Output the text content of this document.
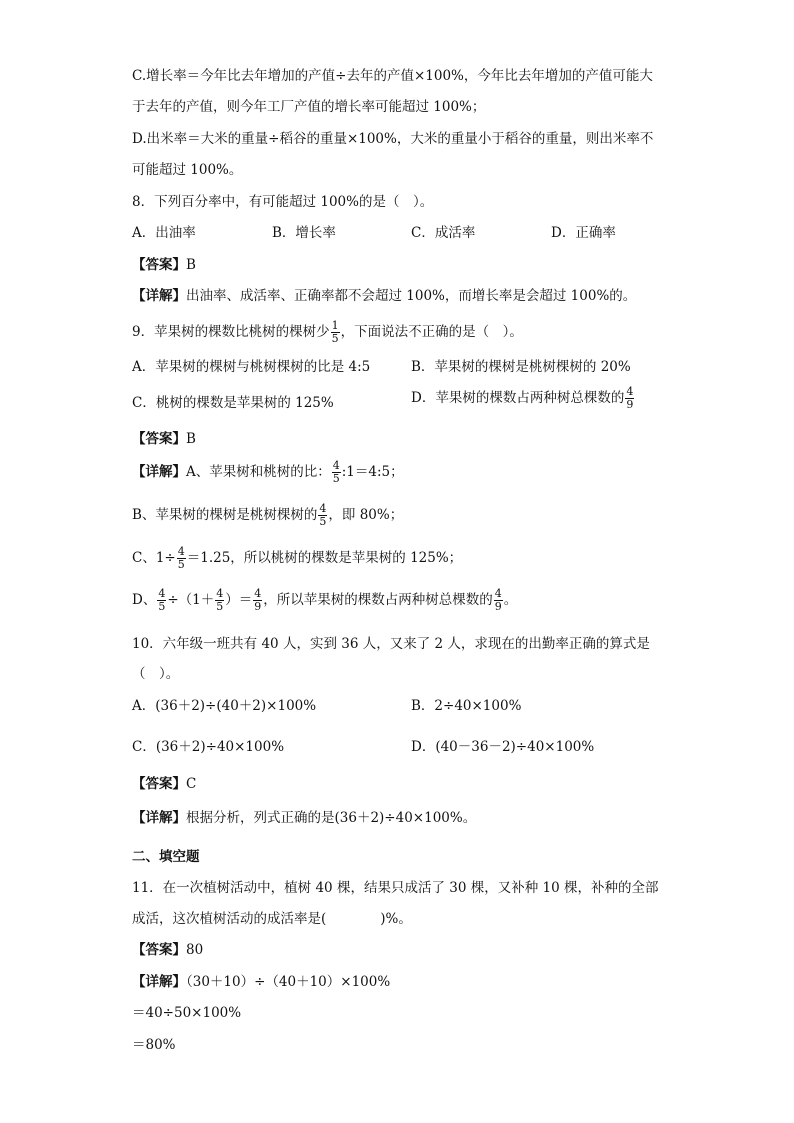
C.增长率＝今年比去年增加的产值÷去年的产值×100%，今年比去年增加的产值可能大
于去年的产值，则今年工厂产值的增长率可能超过 100%；
D.出米率＝大米的重量÷稻谷的重量×100%，大米的重量小于稻谷的重量，则出米率不
可能超过 100%。
8．下列百分率中，有可能超过 100%的是（　）。
A．出油率	B．增长率	C．成活率	D．正确率
【答案】B
【详解】出油率、成活率、正确率都不会超过 100%，而增长率是会超过 100%的。
9．苹果树的棵数比桃树的棵树少 $\frac{1}{5}$ ，下面说法不正确的是（　）。
A．苹果树的棵树与桃树棵树的比是 4:5	B．苹果树的棵树是桃树棵树的 20%
C．桃树的棵数是苹果树的 125%	D．苹果树的棵数占两种树总棵数的 $\frac{4}{9}$
【答案】B
【详解】A、苹果树和桃树的比： $\frac{4}{5}$ :1＝4:5；
B、苹果树的棵树是桃树棵树的 $\frac{4}{5}$ ，即 80%；
C、$1\div \frac{4}{5} =1.25$，所以桃树的棵数是苹果树的 125%；
D、 $\frac{4}{5} \div(1+ \frac{4}{5}$ ）＝ $\frac{4}{9}$ ，所以苹果树的棵数占两种树总棵数的 $\frac{4}{9}$ 。
10．六年级一班共有 40 人，实到 36 人，又来了 2 人，求现在的出勤率正确的算式是
（　）。
A．(36＋2)÷(40＋2)×100%	B．2÷40×100%
C．(36＋2)÷40×100%	D．(40－36－2)÷40×100%
【答案】C
【详解】根据分析，列式正确的是(36＋2)÷40×100%。
二、填空题
11．在一次植树活动中，植树 40 棵，结果只成活了 30 棵，又补种 10 棵，补种的全部
成活，这次植树活动的成活率是(　　　　)%。
【答案】80
【详解】（30＋10）÷（40＋10）×100%
＝40÷50×100%
＝80%
